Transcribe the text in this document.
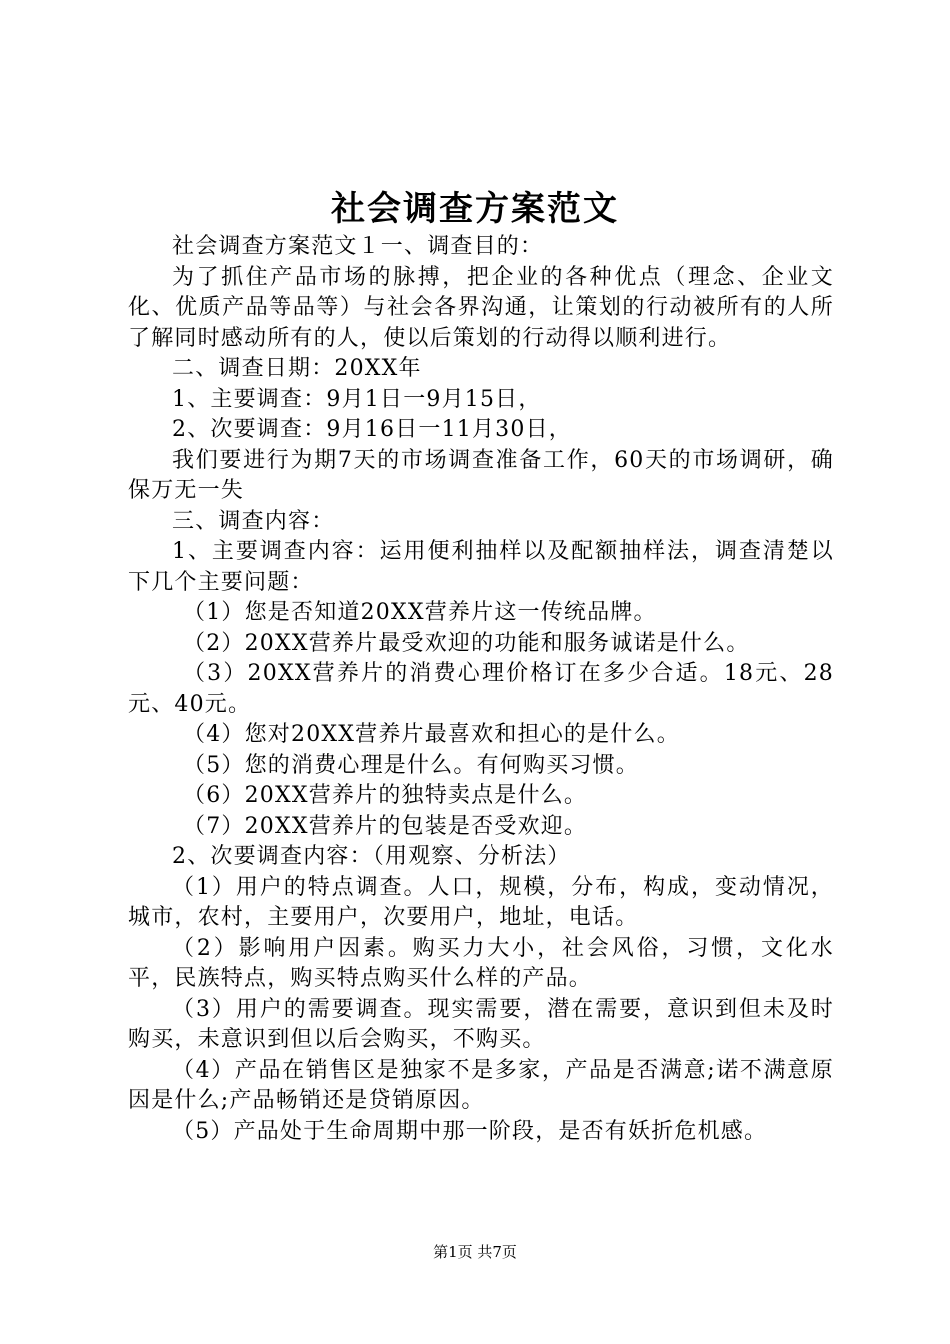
社会调查方案范文

社会调查方案范文１一、调查目的：

为了抓住产品市场的脉搏，把企业的各种优点（理念、企业文化、优质产品等品等）与社会各界沟通，让策划的行动被所有的人所了解同时感动所有的人，使以后策划的行动得以顺利进行。

二、调查日期：20XX年

1、主要调查：9月1日一9月15日，

2、次要调查：9月16日一11月30日，

我们要进行为期7天的市场调查准备工作，60天的市场调研，确保万无一失

三、调查内容：

1、主要调查内容：运用便利抽样以及配额抽样法，调查清楚以下几个主要问题：

（1）您是否知道20XX营养片这一传统品牌。

（2）20XX营养片最受欢迎的功能和服务诚诺是什么。

（3）20XX营养片的消费心理价格订在多少合适。18元、28元、40元。

（4）您对20XX营养片最喜欢和担心的是什么。

（5）您的消费心理是什么。有何购买习惯。

（6）20XX营养片的独特卖点是什么。

（7）20XX营养片的包装是否受欢迎。

2、次要调查内容：（用观察、分析法）

（1）用户的特点调查。人口，规模，分布，构成，变动情况，城市，农村，主要用户，次要用户，地址，电话。

（2）影响用户因素。购买力大小，社会风俗，习惯，文化水平，民族特点，购买特点购买什么样的产品。

（3）用户的需要调查。现实需要，潜在需要，意识到但未及时购买，未意识到但以后会购买，不购买。

（4）产品在销售区是独家不是多家，产品是否满意;诺不满意原因是什么;产品畅销还是贷销原因。

（5）产品处于生命周期中那一阶段，是否有妖折危机感。

第1页 共7页
